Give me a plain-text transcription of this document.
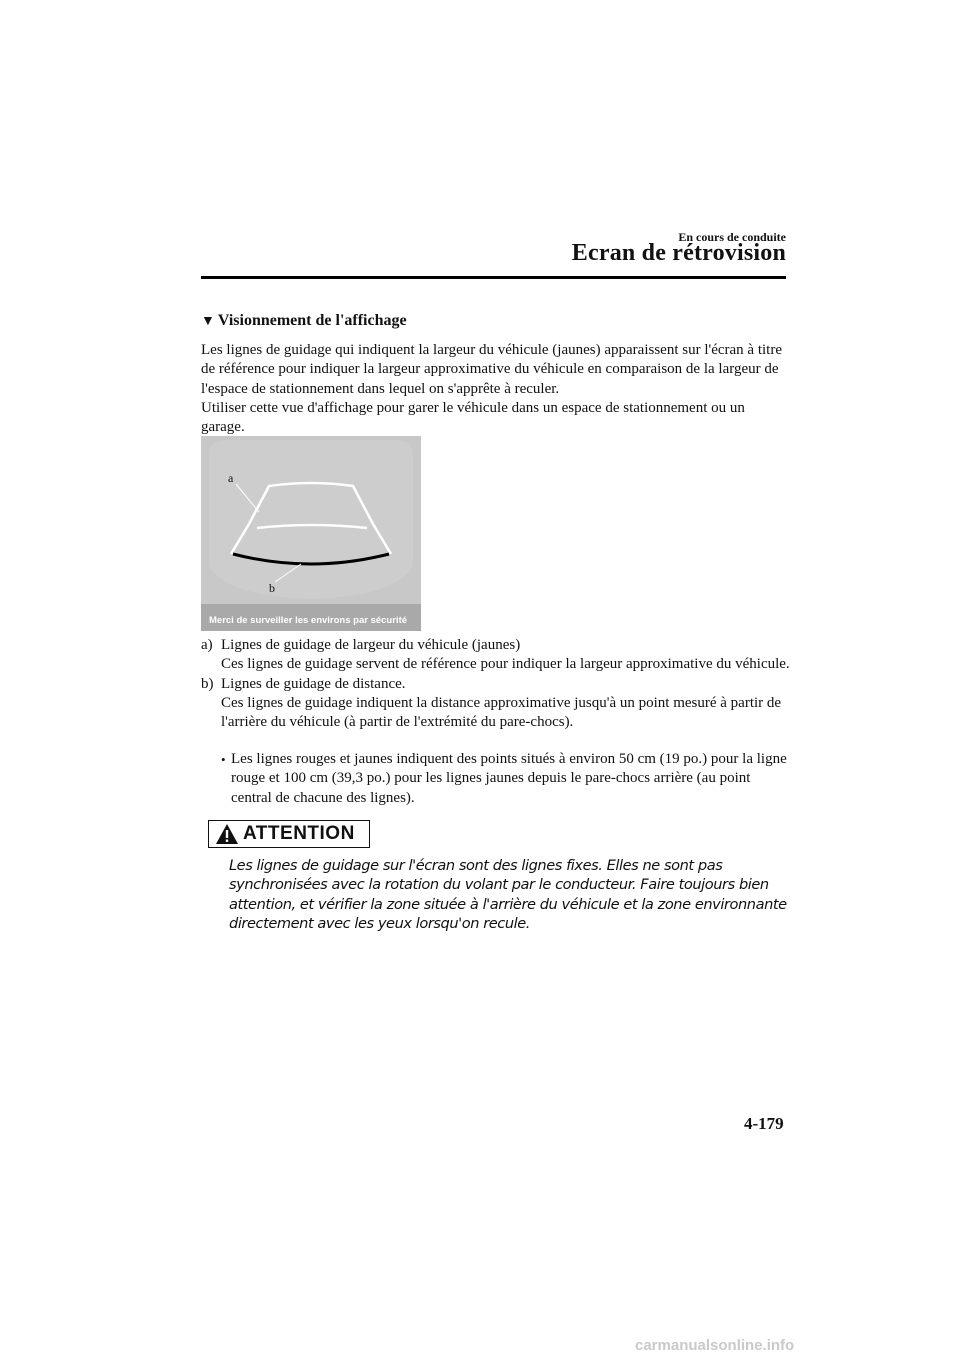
En cours de conduite
Ecran de rétrovision
▼ Visionnement de l'affichage

Les lignes de guidage qui indiquent la largeur du véhicule (jaunes) apparaissent sur l'écran à titre de référence pour indiquer la largeur approximative du véhicule en comparaison de la largeur de l'espace de stationnement dans lequel on s'apprête à reculer.

Utiliser cette vue d'affichage pour garer le véhicule dans un espace de stationnement ou un garage.

a
b
Merci de surveiller les environs par sécurité
a) Lignes de guidage de largeur du véhicule (jaunes)
Ces lignes de guidage servent de référence pour indiquer la largeur approximative du véhicule.
b) Lignes de guidage de distance.
Ces lignes de guidage indiquent la distance approximative jusqu'à un point mesuré à partir de l'arrière du véhicule (à partir de l'extrémité du pare-chocs).
• Les lignes rouges et jaunes indiquent des points situés à environ 50 cm (19 po.) pour la ligne rouge et 100 cm (39,3 po.) pour les lignes jaunes depuis le pare-chocs arrière (au point central de chacune des lignes).
ATTENTION
Les lignes de guidage sur l'écran sont des lignes fixes. Elles ne sont pas synchronisées avec la rotation du volant par le conducteur. Faire toujours bien attention, et vérifier la zone située à l'arrière du véhicule et la zone environnante directement avec les yeux lorsqu'on recule.
4-179
carmanualsonline.info
